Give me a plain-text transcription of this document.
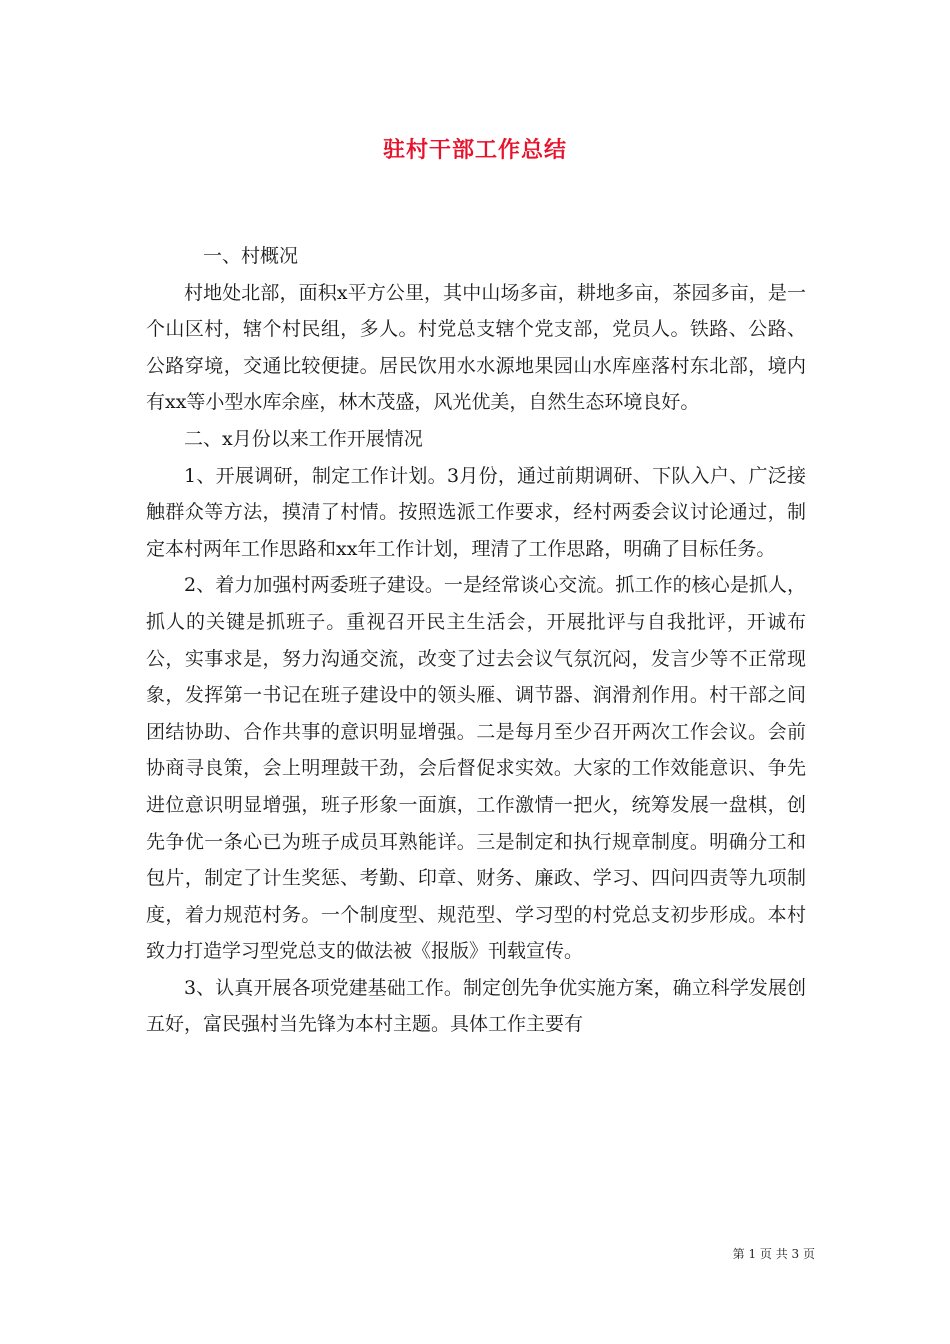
驻村干部工作总结

一、村概况

村地处北部，面积x平方公里，其中山场多亩，耕地多亩，茶园多亩，是一个山区村，辖个村民组，多人。村党总支辖个党支部，党员人。铁路、公路、公路穿境，交通比较便捷。居民饮用水水源地果园山水库座落村东北部，境内有xx等小型水库余座，林木茂盛，风光优美，自然生态环境良好。

二、x月份以来工作开展情况

1、开展调研，制定工作计划。3月份，通过前期调研、下队入户、广泛接触群众等方法，摸清了村情。按照选派工作要求，经村两委会议讨论通过，制定本村两年工作思路和xx年工作计划，理清了工作思路，明确了目标任务。

2、着力加强村两委班子建设。一是经常谈心交流。抓工作的核心是抓人，抓人的关键是抓班子。重视召开民主生活会，开展批评与自我批评，开诚布公，实事求是，努力沟通交流，改变了过去会议气氛沉闷，发言少等不正常现象，发挥第一书记在班子建设中的领头雁、调节器、润滑剂作用。村干部之间团结协助、合作共事的意识明显增强。二是每月至少召开两次工作会议。会前协商寻良策，会上明理鼓干劲，会后督促求实效。大家的工作效能意识、争先进位意识明显增强，班子形象一面旗，工作激情一把火，统筹发展一盘棋，创先争优一条心已为班子成员耳熟能详。三是制定和执行规章制度。明确分工和包片，制定了计生奖惩、考勤、印章、财务、廉政、学习、四问四责等九项制度，着力规范村务。一个制度型、规范型、学习型的村党总支初步形成。本村致力打造学习型党总支的做法被《报版》刊载宣传。

3、认真开展各项党建基础工作。制定创先争优实施方案，确立科学发展创五好，富民强村当先锋为本村主题。具体工作主要有

第 1 页 共 3 页
